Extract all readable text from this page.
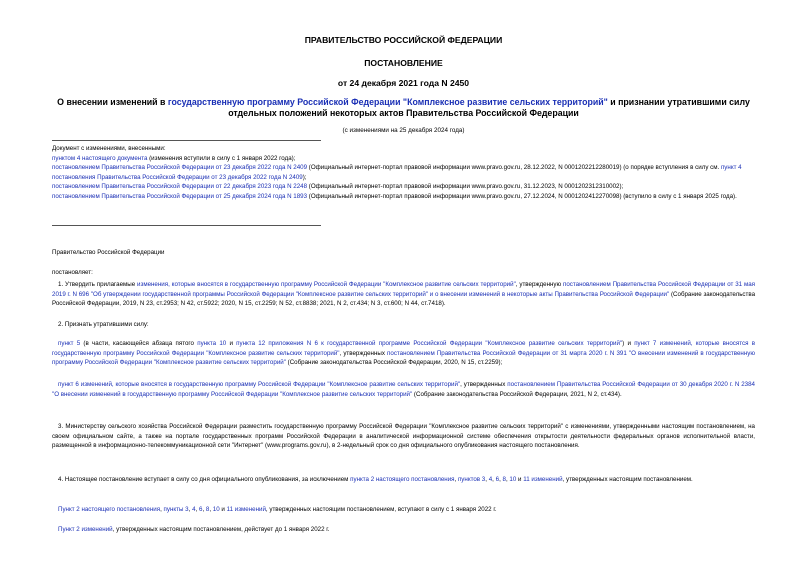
ПРАВИТЕЛЬСТВО РОССИЙСКОЙ ФЕДЕРАЦИИ
ПОСТАНОВЛЕНИЕ
от 24 декабря 2021 года N 2450
О внесении изменений в государственную программу Российской Федерации "Комплексное развитие сельских территорий" и признании утратившими силу отдельных положений некоторых актов Правительства Российской Федерации
(с изменениями на 25 декабря 2024 года)

Документ с изменениями, внесенными:

пунктом 4 настоящего документа (изменения вступили в силу с 1 января 2022 года);

постановлением Правительства Российской Федерации от 23 декабря 2022 года N 2409 (Официальный интернет-портал правовой информации www.pravo.gov.ru, 28.12.2022, N 0001202212280019) (о порядке вступления в силу см. пункт 4 постановления Правительства Российской Федерации от 23 декабря 2022 года N 2409);

постановлением Правительства Российской Федерации от 22 декабря 2023 года N 2248 (Официальный интернет-портал правовой информации www.pravo.gov.ru, 31.12.2023, N 0001202312310002);

постановлением Правительства Российской Федерации от 25 декабря 2024 года N 1893 (Официальный интернет-портал правовой информации www.pravo.gov.ru, 27.12.2024, N 0001202412270098) (вступило в силу с 1 января 2025 года).

Правительство Российской Федерации
постановляет:
1. Утвердить прилагаемые изменения, которые вносятся в государственную программу Российской Федерации "Комплексное развитие сельских территорий", утвержденную постановлением Правительства Российской Федерации от 31 мая 2019 г. N 696 "Об утверждении государственной программы Российской Федерации "Комплексное развитие сельских территорий" и о внесении изменений в некоторые акты Правительства Российской Федерации" (Собрание законодательства Российской Федерации, 2019, N 23, ст.2953; N 42, ст.5922; 2020, N 15, ст.2259; N 52, ст.8838; 2021, N 2, ст.434; N 3, ст.600; N 44, ст.7418).
2. Признать утратившими силу:
пункт 5 (в части, касающейся абзаца пятого пункта 10 и пункта 12 приложения N 6 к государственной программе Российской Федерации "Комплексное развитие сельских территорий") и пункт 7 изменений, которые вносятся в государственную программу Российской Федерации "Комплексное развитие сельских территорий", утвержденных постановлением Правительства Российской Федерации от 31 марта 2020 г. N 391 "О внесении изменений в государственную программу Российской Федерации "Комплексное развитие сельских территорий" (Собрание законодательства Российской Федерации, 2020, N 15, ст.2259);
пункт 6 изменений, которые вносятся в государственную программу Российской Федерации "Комплексное развитие сельских территорий", утвержденных постановлением Правительства Российской Федерации от 30 декабря 2020 г. N 2384 "О внесении изменений в государственную программу Российской Федерации "Комплексное развитие сельских территорий" (Собрание законодательства Российской Федерации, 2021, N 2, ст.434).
3. Министерству сельского хозяйства Российской Федерации разместить государственную программу Российской Федерации "Комплексное развитие сельских территорий" с изменениями, утвержденными настоящим постановлением, на своем официальном сайте, а также на портале государственных программ Российской Федерации в аналитической информационной системе обеспечения открытости деятельности федеральных органов исполнительной власти, размещенной в информационно-телекоммуникационной сети "Интернет" (www.programs.gov.ru), в 2-недельный срок со дня официального опубликования настоящего постановления.
4. Настоящее постановление вступает в силу со дня официального опубликования, за исключением пункта 2 настоящего постановления, пунктов 3, 4, 6, 8, 10 и 11 изменений, утвержденных настоящим постановлением.
Пункт 2 настоящего постановления, пункты 3, 4, 6, 8, 10 и 11 изменений, утвержденных настоящим постановлением, вступают в силу с 1 января 2022 г.
Пункт 2 изменений, утвержденных настоящим постановлением, действует до 1 января 2022 г.
